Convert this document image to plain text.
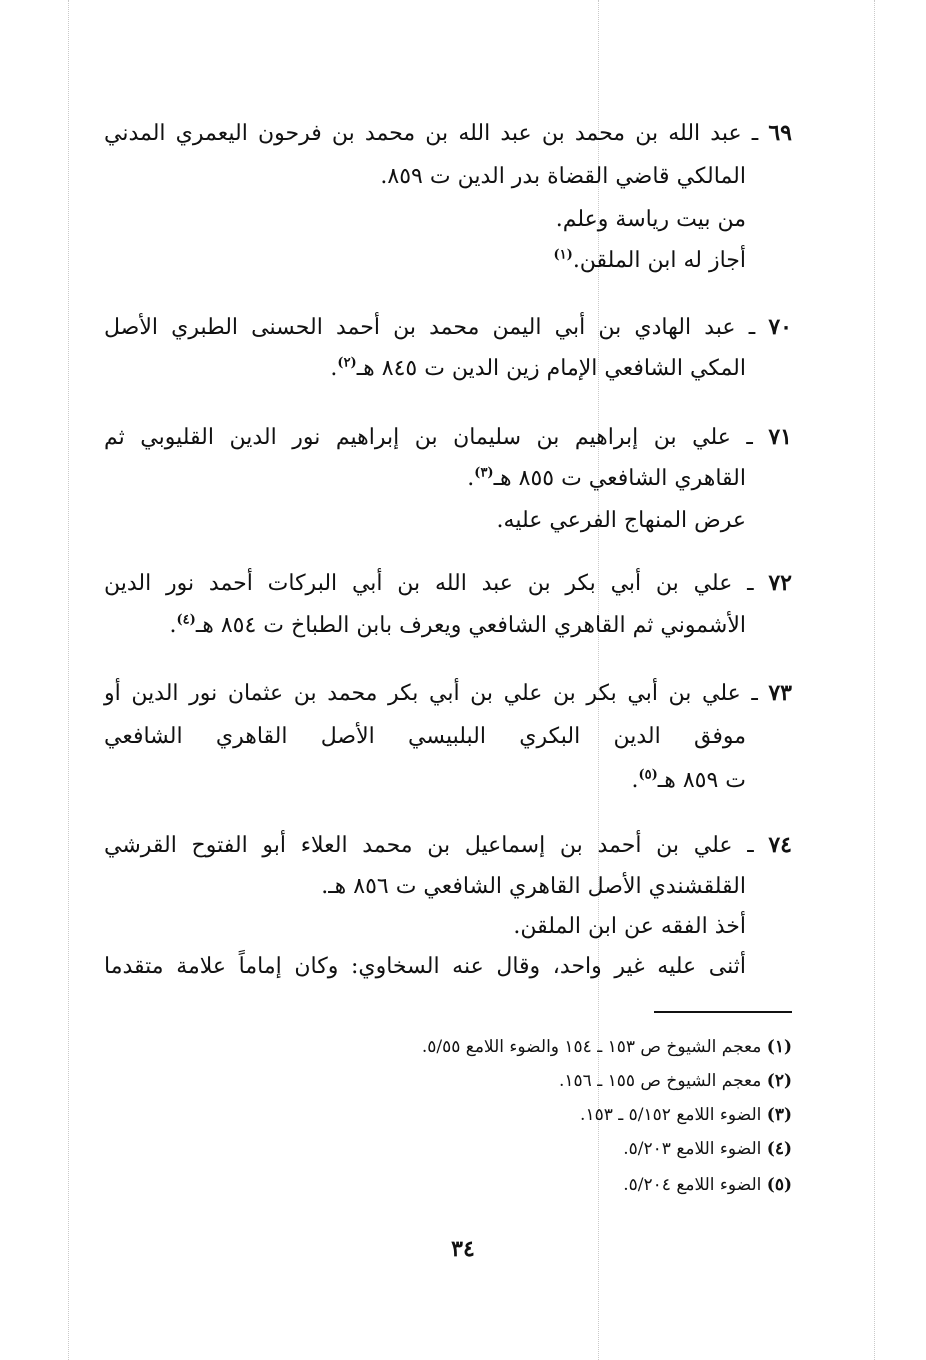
٦٩ ـ عبد الله بن محمد بن عبد الله بن محمد بن فرحون اليعمري المدني
المالكي قاضي القضاة بدر الدين ت ٨٥٩.
من بيت رياسة وعلم.
أجاز له ابن الملقن.$^{(١)}$
٧٠ ـ عبد الهادي بن أبي اليمن محمد بن أحمد الحسنى الطبري الأصل
المكي الشافعي الإمام زين الدين ت ٨٤٥ هـ$^{(٢)}$.
٧١ ـ علي بن إبراهيم بن سليمان بن إبراهيم نور الدين القليوبي ثم
القاهري الشافعي ت ٨٥٥ هـ$^{(٣)}$.
عرض المنهاج الفرعي عليه.
٧٢ ـ علي بن أبي بكر بن عبد الله بن أبي البركات أحمد نور الدين
الأشموني ثم القاهري الشافعي ويعرف بابن الطباخ ت ٨٥٤ هـ$^{(٤)}$.
٧٣ ـ علي بن أبي بكر بن علي بن أبي بكر محمد بن عثمان نور الدين أو
موفق الدين البكري البلبيسي الأصل القاهري الشافعي
ت ٨٥٩ هـ$^{(٥)}$.
٧٤ ـ علي بن أحمد بن إسماعيل بن محمد العلاء أبو الفتوح القرشي
القلقشندي الأصل القاهري الشافعي ت ٨٥٦ هـ.
أخذ الفقه عن ابن الملقن.
أثنى عليه غير واحد، وقال عنه السخاوي: وكان إماماً علامة متقدما
(١) معجم الشيوخ ص ١٥٣ ـ ١٥٤ والضوء اللامع ٥/٥٥.
(٢) معجم الشيوخ ص ١٥٥ ـ ١٥٦.
(٣) الضوء اللامع ٥/١٥٢ ـ ١٥٣.
(٤) الضوء اللامع ٥/٢٠٣.
(٥) الضوء اللامع ٥/٢٠٤.
٣٤
